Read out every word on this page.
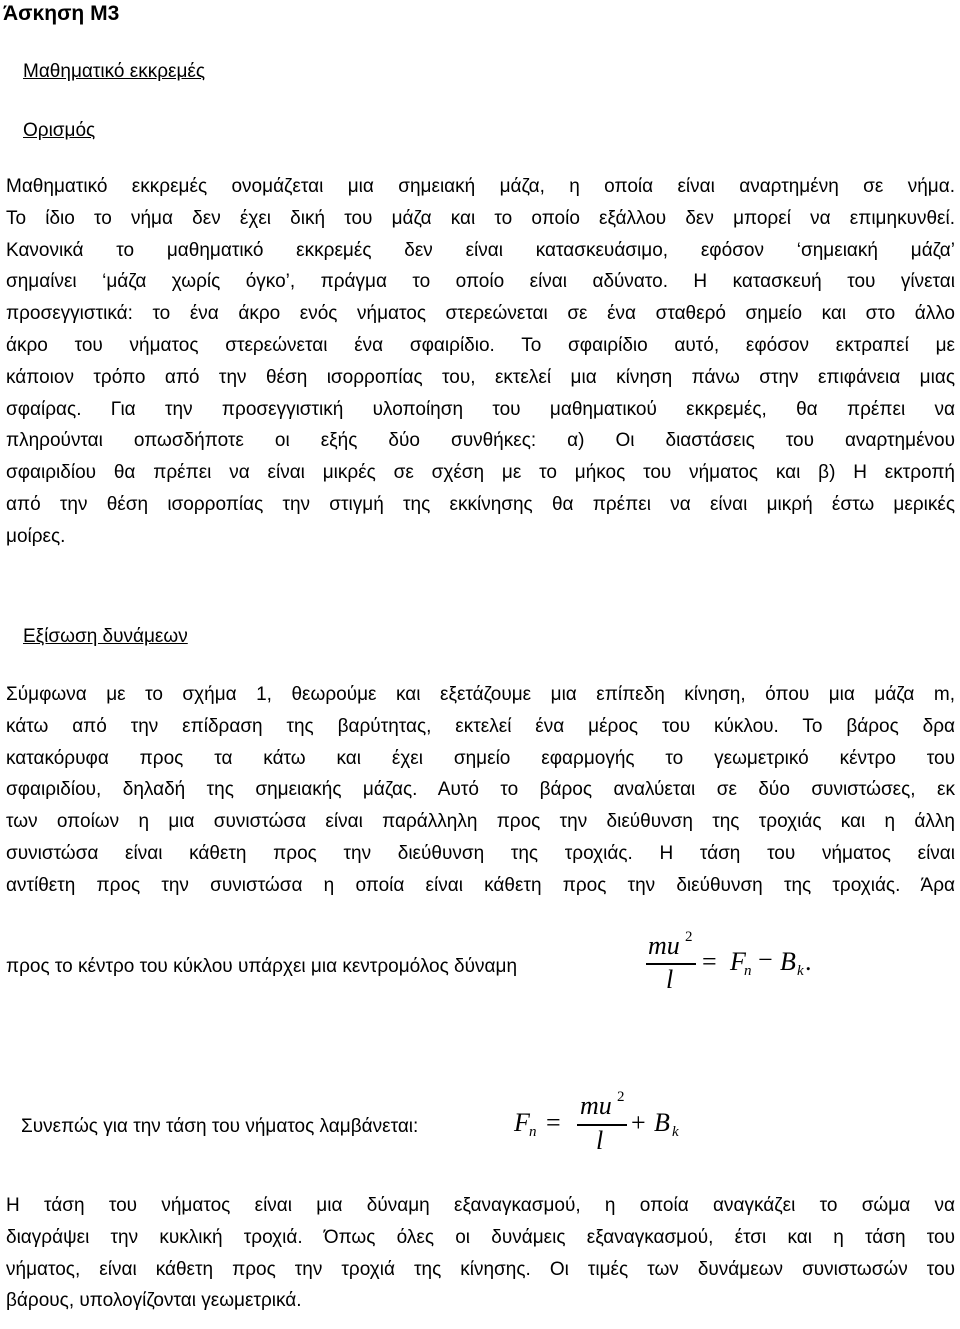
Άσκηση Μ3
Μαθηματικό εκκρεμές
Ορισμός
Μαθηματικό εκκρεμές ονομάζεται μια σημειακή μάζα, η οποία είναι αναρτημένη σε νήμα.
Το ίδιο το νήμα δεν έχει δική του μάζα και το οποίο εξάλλου δεν μπορεί να επιμηκυνθεί.
Κανονικά το μαθηματικό εκκρεμές δεν είναι κατασκευάσιμο, εφόσον ‘σημειακή μάζα’
σημαίνει ‘μάζα χωρίς όγκο’, πράγμα το οποίο είναι αδύνατο. Η κατασκευή του γίνεται
προσεγγιστικά: το ένα άκρο ενός νήματος στερεώνεται σε ένα σταθερό σημείο και στο άλλο
άκρο του νήματος στερεώνεται ένα σφαιρίδιο. Το σφαιρίδιο αυτό, εφόσον εκτραπεί με
κάποιον τρόπο από την θέση ισορροπίας του, εκτελεί μια κίνηση πάνω στην επιφάνεια μιας
σφαίρας. Για την προσεγγιστική υλοποίηση του μαθηματικού εκκρεμές, θα πρέπει να
πληρούνται οπωσδήποτε οι εξής δύο συνθήκες: α) Οι διαστάσεις του αναρτημένου
σφαιριδίου θα πρέπει να είναι μικρές σε σχέση με το μήκος του νήματος και β) Η εκτροπή
από την θέση ισορροπίας την στιγμή της εκκίνησης θα πρέπει να είναι μικρή έστω μερικές
μοίρες.
Εξίσωση δυνάμεων
Σύμφωνα με το σχήμα 1, θεωρούμε και εξετάζουμε μια επίπεδη κίνηση, όπου μια μάζα m,
κάτω από την επίδραση της βαρύτητας, εκτελεί ένα μέρος του κύκλου. Το βάρος δρα
κατακόρυφα προς τα κάτω και έχει σημείο εφαρμογής το γεωμετρικό κέντρο του
σφαιριδίου, δηλαδή της σημειακής μάζας. Αυτό το βάρος αναλύεται σε δύο συνιστώσες, εκ
των οποίων η μια συνιστώσα είναι παράλληλη προς την διεύθυνση της τροχιάς και η άλλη
συνιστώσα είναι κάθετη προς την διεύθυνση της τροχιάς. Η τάση του νήματος είναι
αντίθετη προς την συνιστώσα η οποία είναι κάθετη προς την διεύθυνση της τροχιάς. Άρα
προς το κέντρο του κύκλου υπάρχει μια κεντρομόλος δύναμη
mu 2
l
= F
n − B k .
Συνεπώς για την τάση του νήματος λαμβάνεται:	F n =
mu 2
l
+ B k
Η τάση του νήματος είναι μια δύναμη εξαναγκασμού, η οποία αναγκάζει το σώμα να
διαγράψει την κυκλική τροχιά. Όπως όλες οι δυνάμεις εξαναγκασμού, έτσι και η τάση του
νήματος, είναι κάθετη προς την τροχιά της κίνησης. Οι τιμές των δυνάμεων συνιστωσών του
βάρους, υπολογίζονται γεωμετρικά.
